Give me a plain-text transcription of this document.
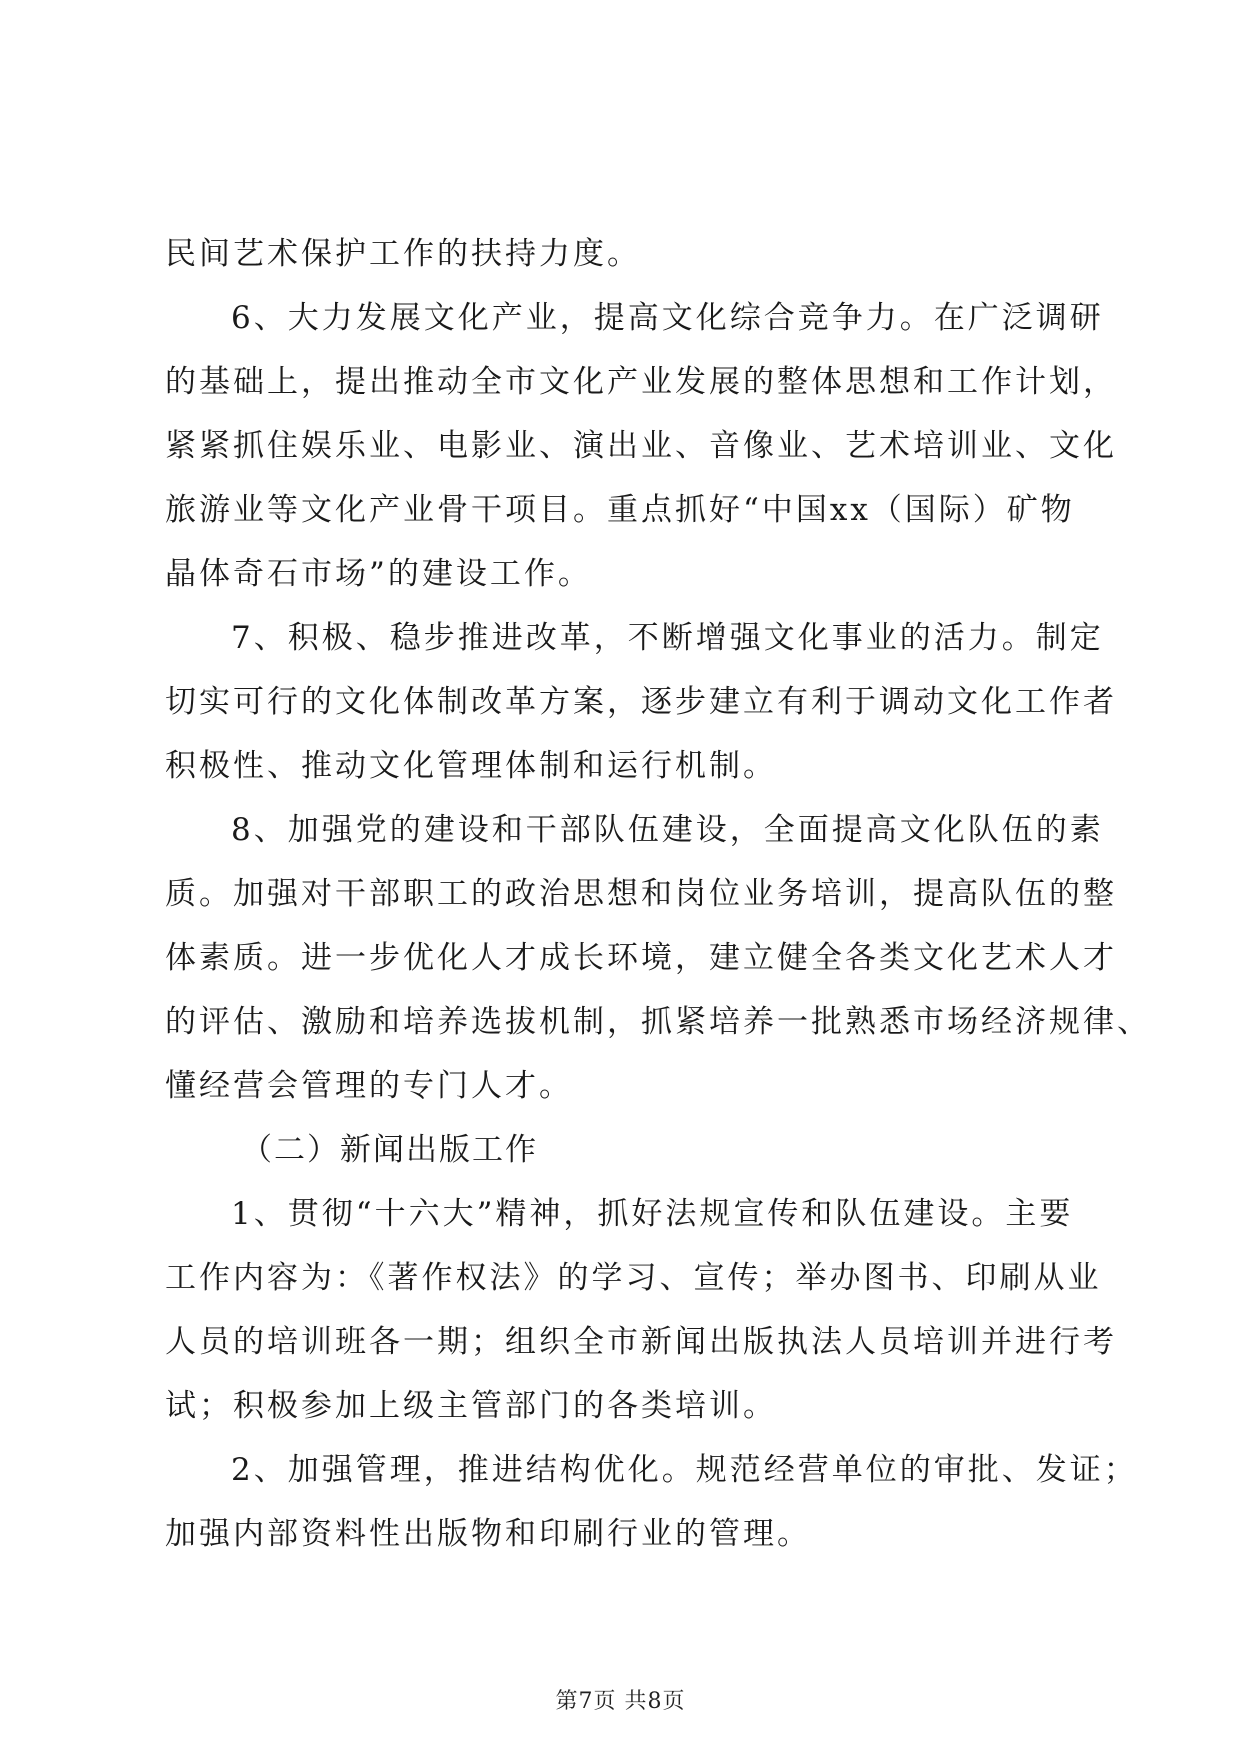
民间艺术保护工作的扶持力度。
6、大力发展文化产业，提高文化综合竞争力。在广泛调研
的基础上，提出推动全市文化产业发展的整体思想和工作计划，
紧紧抓住娱乐业、电影业、演出业、音像业、艺术培训业、文化
旅游业等文化产业骨干项目。重点抓好“中国xx（国际）矿物
晶体奇石市场”的建设工作。
7、积极、稳步推进改革，不断增强文化事业的活力。制定
切实可行的文化体制改革方案，逐步建立有利于调动文化工作者
积极性、推动文化管理体制和运行机制。
8、加强党的建设和干部队伍建设，全面提高文化队伍的素
质。加强对干部职工的政治思想和岗位业务培训，提高队伍的整
体素质。进一步优化人才成长环境，建立健全各类文化艺术人才
的评估、激励和培养选拔机制，抓紧培养一批熟悉市场经济规律、
懂经营会管理的专门人才。
（二）新闻出版工作
1、贯彻“十六大”精神，抓好法规宣传和队伍建设。主要
工作内容为：《著作权法》的学习、宣传；举办图书、印刷从业
人员的培训班各一期；组织全市新闻出版执法人员培训并进行考
试；积极参加上级主管部门的各类培训。
2、加强管理，推进结构优化。规范经营单位的审批、发证；
加强内部资料性出版物和印刷行业的管理。
第7页 共8页
